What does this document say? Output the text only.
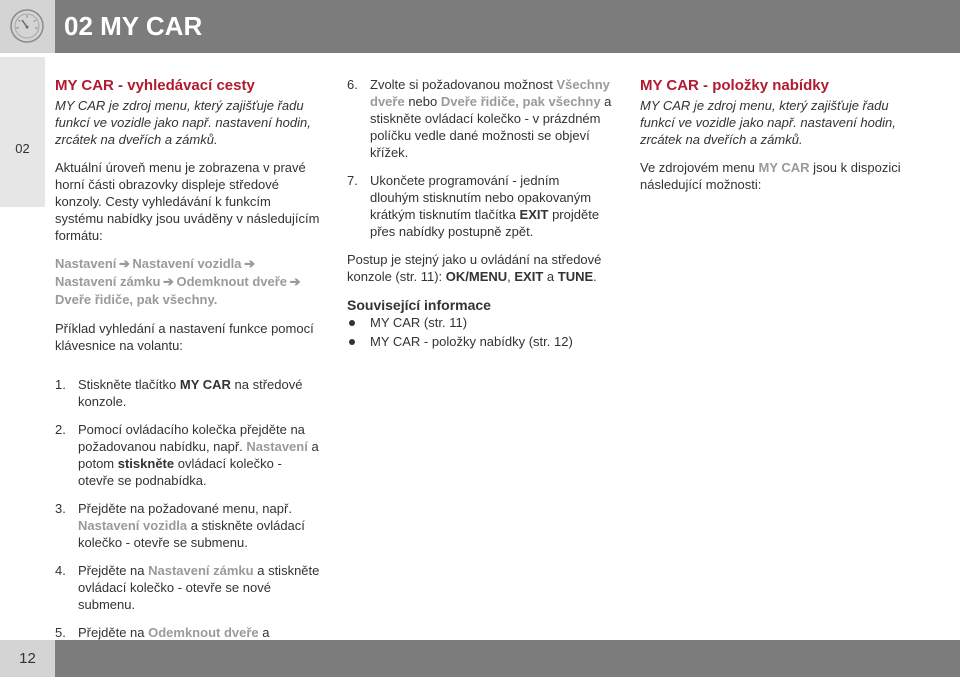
02 MY CAR
02
MY CAR - vyhledávací cesty

MY CAR je zdroj menu, který zajišťuje řadu funkcí ve vozidle jako např. nastavení hodin, zrcátek na dveřích a zámků.

Aktuální úroveň menu je zobrazena v pravé horní části obrazovky displeje středové konzoly. Cesty vyhledávání k funkcím systému nabídky jsou uváděny v následujícím formátu:

Nastavení ➔ Nastavení vozidla ➔
Nastavení zámku ➔ Odemknout dveře ➔
Dveře řidiče, pak všechny.

Příklad vyhledání a nastavení funkce pomocí klávesnice na volantu:

1. Stiskněte tlačítko MY CAR na středové konzole.
2. Pomocí ovládacího kolečka přejděte na požadovanou nabídku, např. Nastavení a potom stiskněte ovládací kolečko - otevře se podnabídka.
3. Přejděte na požadované menu, např. Nastavení vozidla a stiskněte ovládací kolečko - otevře se submenu.
4. Přejděte na Nastavení zámku a stiskněte ovládací kolečko - otevře se nové submenu.
5. Přejděte na Odemknout dveře a
6. Zvolte si požadovanou možnost Všechny dveře nebo Dveře řidiče, pak všechny a stiskněte ovládací kolečko - v prázdném políčku vedle dané možnosti se objeví křížek.
7. Ukončete programování - jedním dlouhým stisknutím nebo opakovaným krátkým tisknutím tlačítka EXIT projděte přes nabídky postupně zpět.

Postup je stejný jako u ovládání na středové konzole (str. 11): OK/MENU, EXIT a TUNE.

Související informace
MY CAR (str. 11)
MY CAR - položky nabídky (str. 12)
MY CAR - položky nabídky

MY CAR je zdroj menu, který zajišťuje řadu funkcí ve vozidle jako např. nastavení hodin, zrcátek na dveřích a zámků.

Ve zdrojovém menu MY CAR jsou k dispozici následující možnosti:

12
